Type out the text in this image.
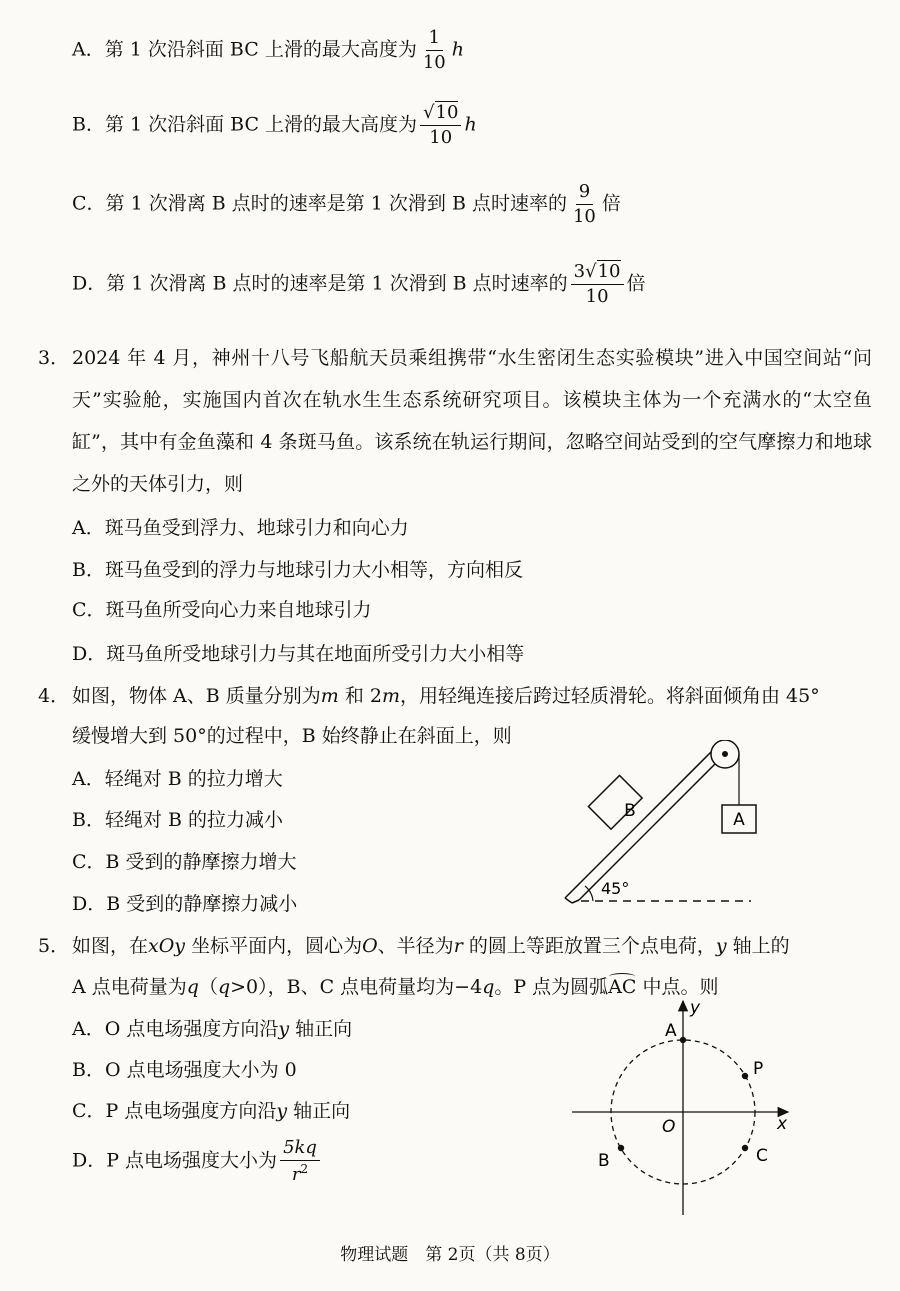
A．第 1 次沿斜面 BC 上滑的最大高度为 $\frac{1}{10}$ h
B．第 1 次沿斜面 BC 上滑的最大高度为 $\frac{√10}{10}$ h
C．第 1 次滑离 B 点时的速率是第 1 次滑到 B 点时速率的 $\frac{9}{10}$ 倍
D．第 1 次滑离 B 点时的速率是第 1 次滑到 B 点时速率的 $\frac{3√10}{10}$ 倍
3． 2024 年 4 月，神州十八号飞船航天员乘组携带“水生密闭生态实验模块”进入中国空间站“问天”实验舱，实施国内首次在轨水生生态系统研究项目。该模块主体为一个充满水的“太空鱼缸”，其中有金鱼藻和 4 条斑马鱼。该系统在轨运行期间，忽略空间站受到的空气摩擦力和地球之外的天体引力，则
A．斑马鱼受到浮力、地球引力和向心力
B．斑马鱼受到的浮力与地球引力大小相等，方向相反
C．斑马鱼所受向心力来自地球引力
D．斑马鱼所受地球引力与其在地面所受引力大小相等
4． 如图，物体 A、B 质量分别为m 和 2m，用轻绳连接后跨过轻质滑轮。将斜面倾角由 45°
缓慢增大到 50°的过程中，B 始终静止在斜面上，则
A．轻绳对 B 的拉力增大
B．轻绳对 B 的拉力减小
C．B 受到的静摩擦力增大
D．B 受到的静摩擦力减小
A
B
45°
5． 如图，在xOy 坐标平面内，圆心为O、半径为r 的圆上等距放置三个点电荷，y 轴上的
A 点电荷量为q（q>0），B、C 点电荷量均为−4q。P 点为圆弧AC 中点。则
A．O 点电场强度方向沿y 轴正向
B．O 点电场强度大小为 0
C．P 点电场强度方向沿y 轴正向
D．P 点电场强度大小为 $\frac{5kq}{r^2}$
A
P
O
B	C
x
y
物理试题　第 2页（共 8页）
